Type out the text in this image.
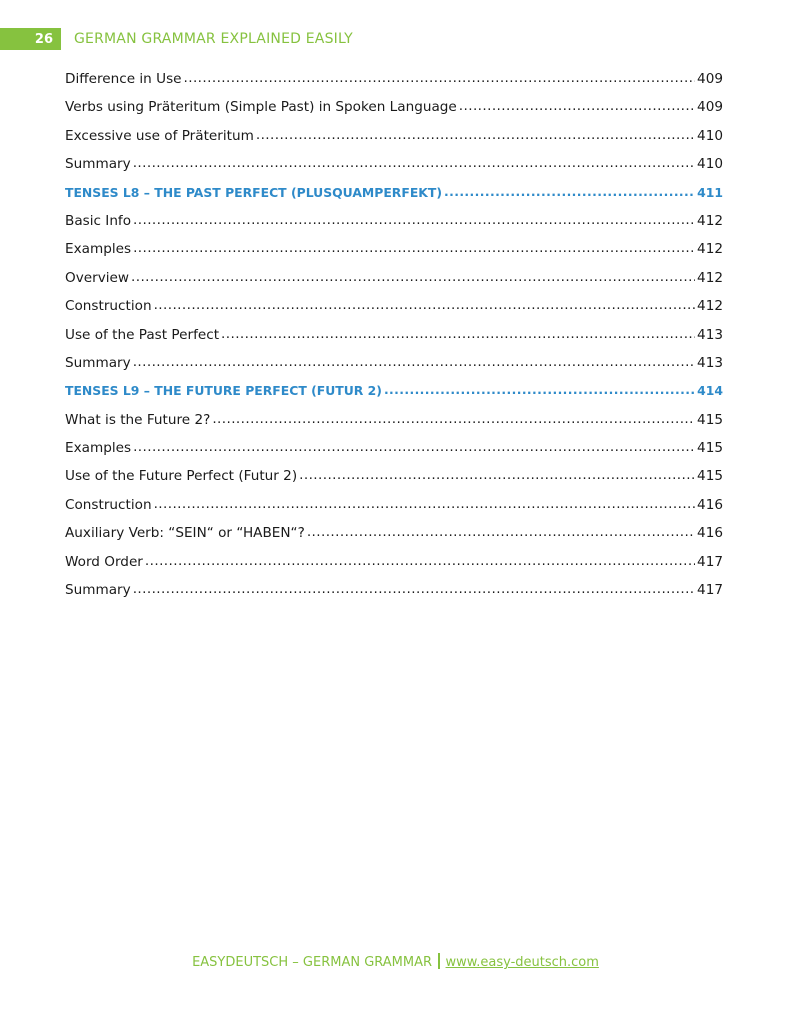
26	GERMAN GRAMMAR EXPLAINED EASILY
Difference in Use .....	409
Verbs using Präteritum (Simple Past) in Spoken Language .....	409
Excessive use of Präteritum .....	410
Summary .....	410
TENSES L8 – THE PAST PERFECT (PLUSQUAMPERFEKT) .....	411
Basic Info .....	412
Examples .....	412
Overview .....	412
Construction .....	412
Use of the Past Perfect .....	413
Summary .....	413
TENSES L9 – THE FUTURE PERFECT (FUTUR 2) .....	414
What is the Future 2? .....	415
Examples .....	415
Use of the Future Perfect (Futur 2) .....	415
Construction .....	416
Auxiliary Verb: “SEIN“ or “HABEN“? .....	416
Word Order .....	417
Summary .....	417
EASYDEUTSCH – GERMAN GRAMMAR www.easy-deutsch.com
